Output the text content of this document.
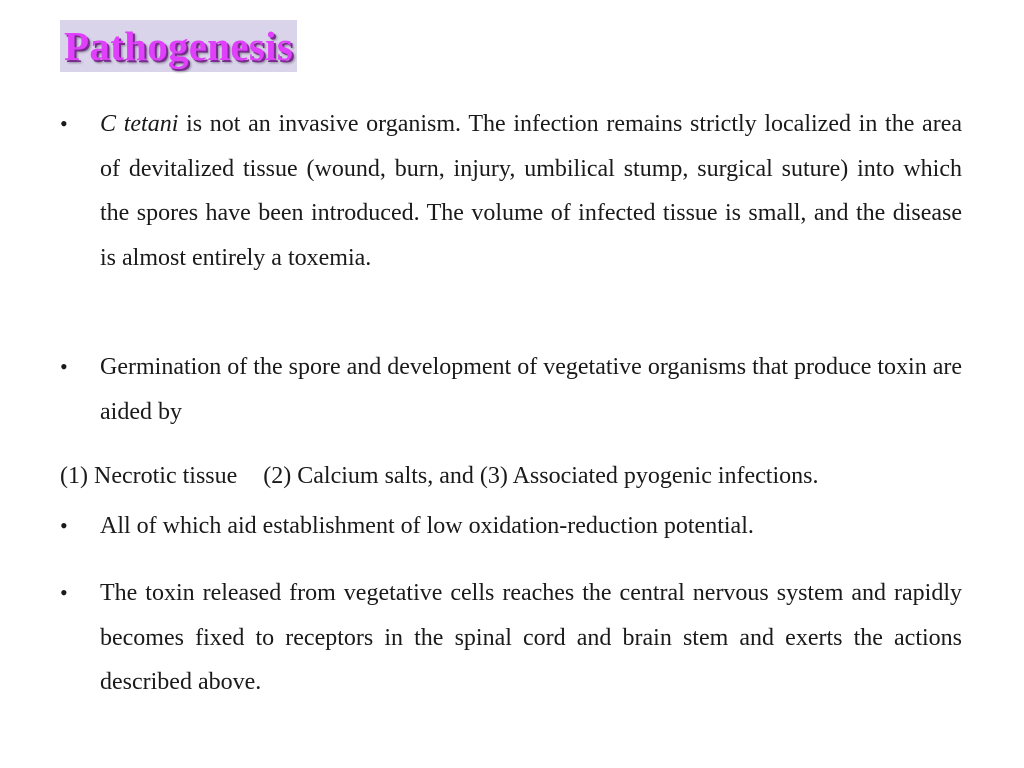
Pathogenesis
•	C tetani is not an invasive organism. The infection remains strictly localized in the area of devitalized tissue (wound, burn, injury, umbilical stump, surgical suture) into which the spores have been introduced. The volume of infected tissue is small, and the disease is almost entirely a toxemia.
•	Germination of the spore and development of vegetative organisms that produce toxin are aided by
(1) Necrotic tissue (2) Calcium salts, and (3) Associated pyogenic infections.
•	All of which aid establishment of low oxidation-reduction potential.
•	The toxin released from vegetative cells reaches the central nervous system and rapidly becomes fixed to receptors in the spinal cord and brain stem and exerts the actions described above.
